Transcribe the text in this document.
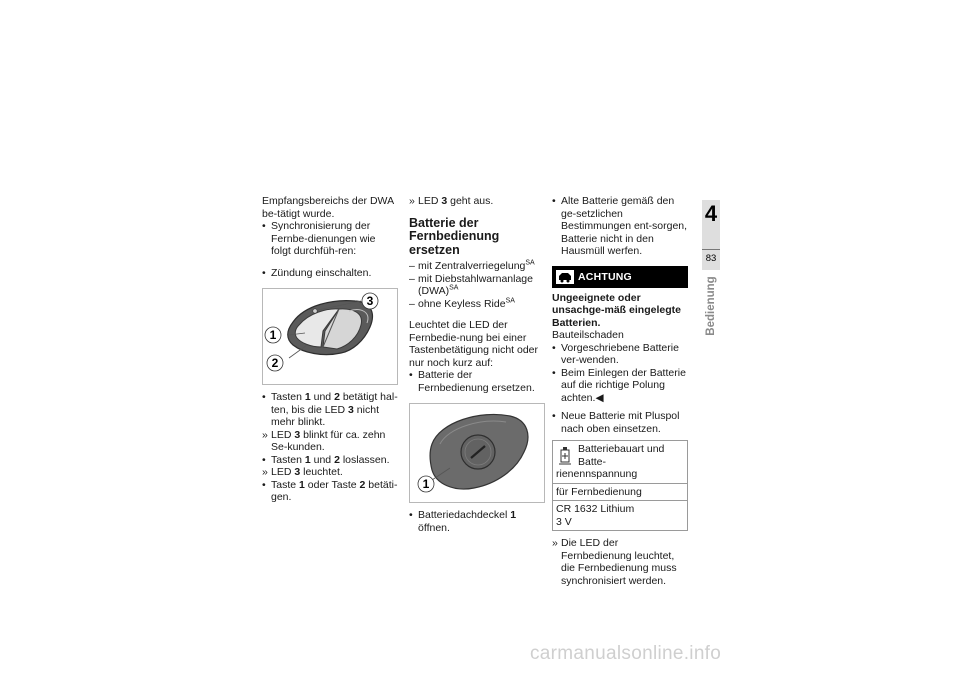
Empfangsbereichs der DWA be-tätigt wurde.

• Synchronisierung der Fernbe-dienungen wie folgt durchfüh-ren:
• Zündung einschalten.
3
1
2
• Tasten 1 und 2 betätigt hal-ten, bis die LED 3 nicht mehr blinkt.
» LED 3 blinkt für ca. zehn Se-kunden.
• Tasten 1 und 2 loslassen.
» LED 3 leuchtet.
• Taste 1 oder Taste 2 betäti-gen.
» LED 3 geht aus.
Batterie der Fernbedienung ersetzen
– mit Zentralverriegelung$^{SA}$
– mit Diebstahlwarnanlage (DWA)$^{SA}$
– ohne Keyless Ride$^{SA}$

Leuchtet die LED der Fernbedie-nung bei einer Tastenbetätigung nicht oder nur noch kurz auf:

• Batterie der Fernbedienung ersetzen.
1
• Batteriedachdeckel 1 öffnen.
• Alte Batterie gemäß den ge-setzlichen Bestimmungen ent-sorgen, Batterie nicht in den Hausmüll werfen.
ACHTUNG

Ungeeignete oder unsachge-mäß eingelegte Batterien.

Bauteilschaden

• Vorgeschriebene Batterie ver-wenden.
• Beim Einlegen der Batterie auf die richtige Polung achten.◀
• Neue Batterie mit Pluspol nach oben einsetzen.
Batteriebauart und Batte-rienennspannung
für Fernbedienung

CR 1632 Lithium
3 V
» Die LED der Fernbedienung leuchtet, die Fernbedienung muss synchronisiert werden.
4
83
Bedienung
carmanualsonline.info
